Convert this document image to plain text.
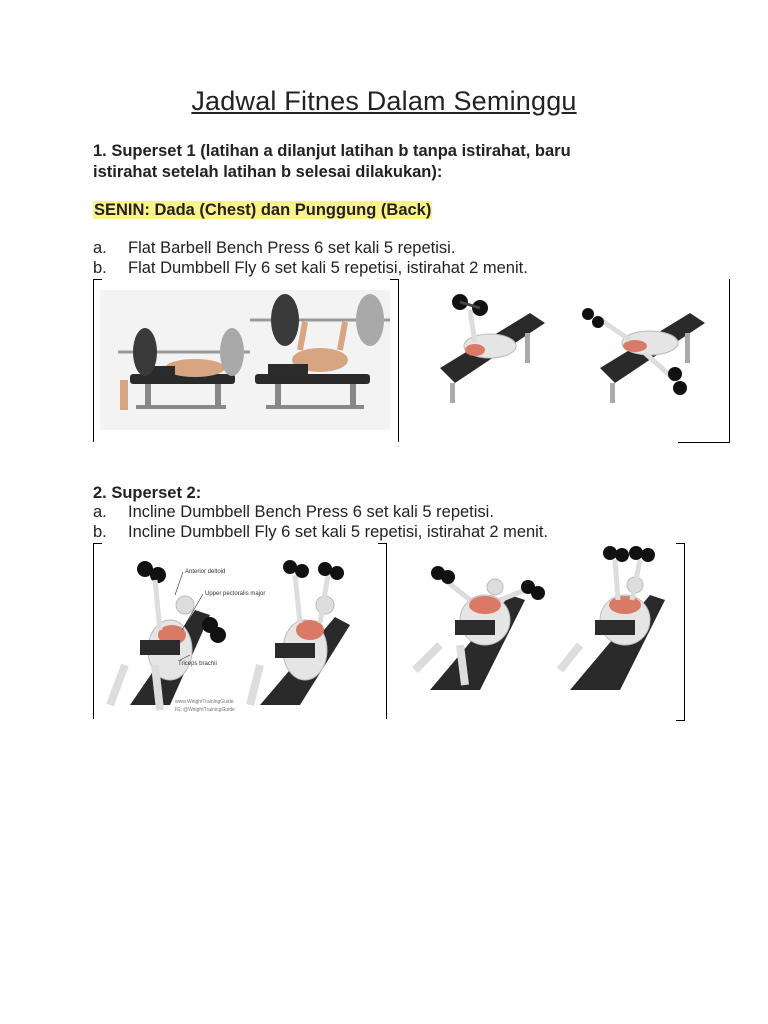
Jadwal Fitnes Dalam Seminggu
1. Superset 1 (latihan a dilanjut latihan b tanpa istirahat, baru
istirahat setelah latihan b selesai dilakukan):
SENIN: Dada (Chest) dan Punggung (Back)
a. Flat Barbell Bench Press 6 set kali 5 repetisi.
b. Flat Dumbbell Fly 6 set kali 5 repetisi, istirahat 2 menit.
2. Superset 2:
a. Incline Dumbbell Bench Press 6 set kali 5 repetisi.
b. Incline Dumbbell Fly 6 set kali 5 repetisi, istirahat 2 menit.
Anterior deltoid
Upper pectoralis major
Triceps brachii
www.WeightTrainingGuide
IG: @WeightTrainingGuide
